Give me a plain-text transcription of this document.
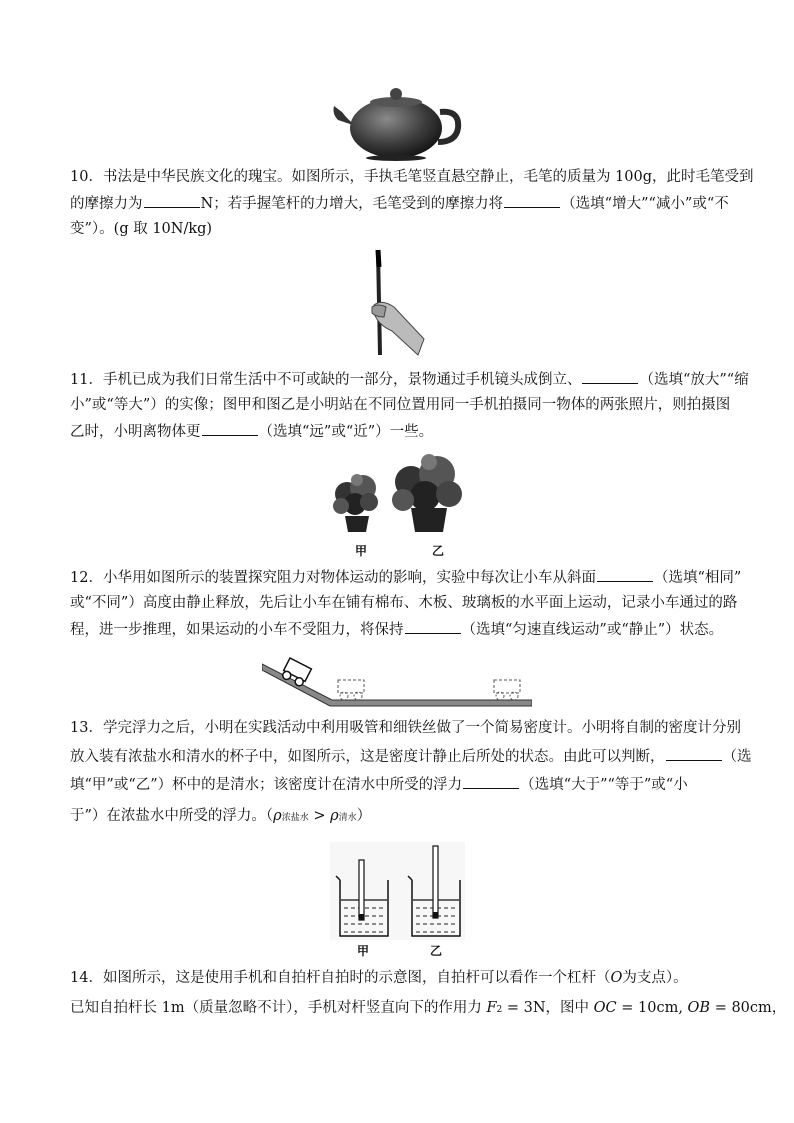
10．书法是中华民族文化的瑰宝。如图所示，手执毛笔竖直悬空静止，毛笔的质量为 100g，此时毛笔受到
的摩擦力为	N；若手握笔杆的力增大，毛笔受到的摩擦力将	（选填“增大”“减小”或“不
变”）。(g 取 10N/kg)
11．手机已成为我们日常生活中不可或缺的一部分，景物通过手机镜头成倒立、	（选填“放大”“缩
小”或“等大”）的实像；图甲和图乙是小明站在不同位置用同一手机拍摄同一物体的两张照片，则拍摄图
乙时，小明离物体更	（选填“远”或“近”）一些。
甲	乙
12．小华用如图所示的装置探究阻力对物体运动的影响，实验中每次让小车从斜面	（选填“相同”
或“不同”）高度由静止释放，先后让小车在铺有棉布、木板、玻璃板的水平面上运动，记录小车通过的路
程，进一步推理，如果运动的小车不受阻力，将保持	（选填“匀速直线运动”或“静止”）状态。
13．学完浮力之后，小明在实践活动中利用吸管和细铁丝做了一个简易密度计。小明将自制的密度计分别
放入装有浓盐水和清水的杯子中，如图所示，这是密度计静止后所处的状态。由此可以判断，	（选
填“甲”或“乙”）杯中的是清水；该密度计在清水中所受的浮力	（选填“大于”“等于”或“小
于”）在浓盐水中所受的浮力。（ρ浓盐水 > ρ清水）
甲	乙
14．如图所示，这是使用手机和自拍杆自拍时的示意图，自拍杆可以看作一个杠杆（O为支点）。
已知自拍杆长 1m（质量忽略不计），手机对杆竖直向下的作用力 F2 = 3N，图中 OC = 10cm, OB = 80cm，
